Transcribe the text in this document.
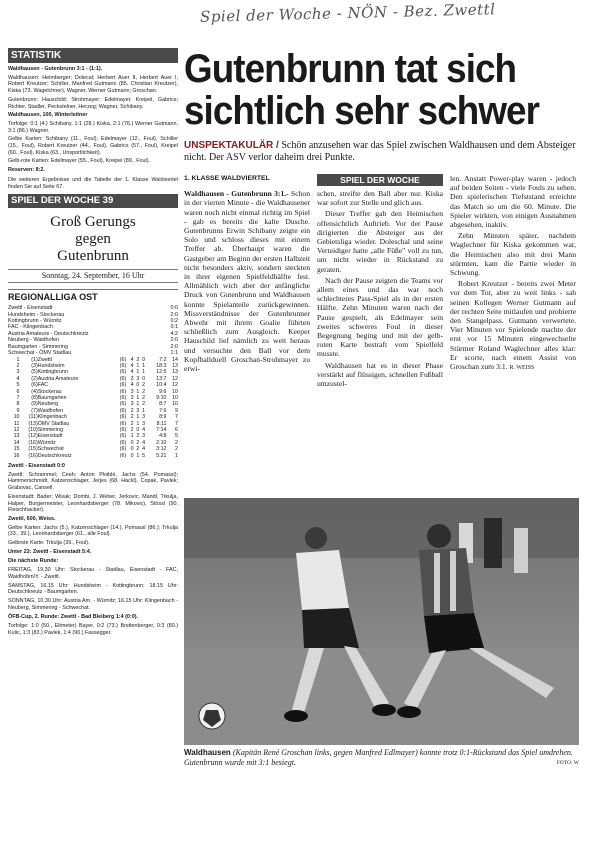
Spiel der Woche - NÖN - Bez. Zwettl
STATISTIK
Waldhausen - Gutenbrunn 3:1 - (1:1).
Waldhausen: Heimberger; Dolecal; Herbert Auer II, Herbert Auer I, Robert Kreutzer; Schiller, Manfred Gutmann (85. Christian Kreutzer), Kiska (73. Wagelchner), Wagner, Werner Gutmann; Groschan.
Gutenbrunn: Hauschild; Strohmayer; Edelmayer, Kreipel, Gabrics; Richter, Stadler, Peckstelner, Herzeg; Wagner, Schibany.
Waldhausen, 100, Winterleitner
Torfolge: 0:1 (4.) Schibany, 1:1 (28.) Kiska, 2:1 (76.) Werner Gutmann, 3:1 (86.) Wagner.
Gelbe Karten: Schibany (11., Foul), Edelmayer (12., Foul), Schiller (15., Foul), Robert Kreutzer (44., Foul), Gabrics (57., Foul), Kreipel (60., Foul), Kiska (63., Unsportlichkeit).
Gelb-rote Karten: Edelmayer (55., Foul), Kreipel (89., Foul).
Reserven: 8:2.
Die weiteren Ergebnisse und die Tabelle der 1. Klasse Waldviertel finden Sie auf Seite 67.
SPIEL DER WOCHE 39
Groß Gerungs
gegen
Gutenbrunn
Sonntag, 24. September, 16 Uhr
REGIONALLIGA OST
Zwettl - Eisenstadt	0:0
Hundsheim - Stockerau	2:0
Kottingbrunn - Würnitz	0:2
FAC - Klingenbach	0:1
Austria Amateure - Deutschkreutz	4:2
Neuberg - Waidhofen	2:0
Baumgarten - Simmering	2:0
Schwechat - ÖMV Stadlau	1:1
1	(1)	Zwettl	(6)	4	2	0	7:2	14
2	(3)	Hundsheim	(6)	4	1	1	18:3	13
3	(5)	Kottingbrunn	(6)	4	1	1	12:5	13
4	(2)	Austria Amateure	(6)	3	3	0	13:7	12
5	(6)	FAC	(6)	4	0	2	10:4	12
6	(4)	Stockerau	(6)	3	1	2	9:6	10
7	(8)	Baumgarten	(6)	3	1	2	9:10	10
8	(9)	Neuberg	(6)	3	1	2	8:7	10
9	(7)	Waidhofen	(6)	2	3	1	7:6	9
10	(11)	Klingenbach	(6)	2	1	3	8:9	7
11	(13)	ÖMV Stadlau	(6)	2	1	3	8:11	7
12	(10)	Simmering	(6)	2	0	4	7:14	6
13	(12)	Eisenstadt	(6)	1	2	3	4:8	5
14	(16)	Würnitz	(6)	0	2	4	2:10	2
15	(15)	Schwechat	(6)	0	2	4	3:12	2
16	(16)	Deutschkreutz	(6)	0	1	5	5:21	1
Zwettl - Eisenstadt 0:0
Zwettl: Schrammel; Ceeh; Anton Ploiblé, Jachs (54. Pomassl); Hammerschmidt, Katzenschlager, Jerjes (68. Hackl), Copak, Pavlek; Grabovac, Cansell.
Eisenstadt: Bader; Wisak; Dombi, J. Weber, Jerkovic, Mandl, Trkulja, Halper, Burgermeister, Leonhardsberger (78. Mikovic), Stössl (90. Fleischhacker).
Zwettl, 600, Weiss.
Gelbe Karten: Jachs (5.), Katzenschlager (14.), Pomassl (86.); Trkulja (33., 39.), Leonhardsberger (61., alle Foul).
Gelbrote Karte: Trkulja (39., Foul).
Unter 23: Zwettl - Eisenstadt 5:4.
Die nächste Runde:
FREITAG, 19.30 Uhr: Stockerau - Stadlau, Eisenstadt - FAC, Waidhofen/Y. - Zwettl.
SAMSTAG, 16.15 Uhr: Hundsheim - Kottingbrunn; 18.15 Uhr: Deutschkreutz - Baumgarten.
SONNTAG, 10.30 Uhr: Austria Am. - Würnitz; 16.15 Uhr: Klingenbach - Neuberg, Simmering - Schwechat.
ÖFB-Cup, 2. Runde: Zwettl - Bad Bleiberg 1:4 (0:0).
Torfolge: 1:0 (50., Eltmeter) Bayer, 0:2 (73.) Breitenberger, 0:3 (80.) Kulic, 1:3 (83.) Pavlek, 1:4 (90.) Fassegger.
Gutenbrunn tat sich
sichtlich sehr schwer
UNSPEKTAKULÄR / Schön anzusehen war das Spiel zwischen Waldhausen und dem Absteiger nicht. Der ASV verlor daheim drei Punkte.
1. KLASSE WALDVIERTEL

Waldhausen - Gutenbrunn 3:1.- Schon in der vierten Minute - die Waldhausener waren noch nicht einmal richtig im Spiel - gab es bereits die kalte Dusche. Gutenbrunns Erwin Schibany zeigte ein Solo und schloss dieses mit einem Treffer ab. Überhaupt waren die Gastgeber am Beginn der ersten Halbzeit nicht besonders aktiv, sondern steckten in ihrer eigenen Spielfeldhälfte fest. Allmählich wich aber der anfängliche Druck von Gutenbrunn und Waldhausen konnte Spielanteile zurückgewinnen. Missverständnisse der Gutenbrunner Abwehr mit ihrem Goalie führten schließlich zum Ausgleich. Keeper Hauschild lief nämlich zu weit heraus und versuchte den Ball vor dem Kopfballduell Groschan-Strohmayer zu erwi-

SPIEL DER WOCHE

schen, streifte den Ball aber nur. Kiska war sofort zur Stelle und glich aus.

Dieser Treffer gab den Heimischen offensichtlich Auftrieb. Vor der Pause dirigierten die Absteiger aus der Gebietsliga wieder. Doleschal und seine Verteidiger hatte „alle Füße" voll zu tun, um nicht wieder in Rückstand zu geraten.

Nach der Pause zeigten die Teams vor allem eines und das war noch schlechteres Pass-Spiel als in der ersten Hälfte. Zehn Minuten waren nach der Pause gespielt, als Edelmayer sein zweites schweres Foul in dieser Begegnung beging und mit der gelb-roten Karte bestraft vom Spielfeld musste.

Waldhausen hat es in dieser Phase verstärkt auf flüssigen, schnellen Fußball umzustel-

len. Anstatt Power-play waren - jedoch auf beiden Seiten - viele Fouls zu sehen. Den spielerischen Tiefststand erreichte das Match so um die 60. Minute. Die Spieler wirkten, von einigen Ausnahmen abgesehen, inaktiv.

Zehn Minuten später, nachdem Waglechner für Kiska gekommen war, die Heimischen also mit drei Mann stürmten, kam die Partie wieder in Schwung.

Robert Kreutzer - bereits zwei Meter vor dem Tor, aber zu weit links - sah seinen Kollegen Werner Gutmann auf der rechten Seite mitlaufen und probierte den Stangelpass. Gutmann verwertete. Vier Minuten vor Spielende machte der erst vor 15 Minuten eingewechselte Stürmer Roland Waglechner alles klar: Er scorte, nach einem Assist von Groschan zum 3:1. R. WEISS

Waldhausen (Kapitän René Groschan links, gegen Manfred Edlmayer) konnte trotz 0:1-Rückstand das Spiel umdrehen. Gutenbrunn wurde mit 3:1 besiegt.	FOTO: W
